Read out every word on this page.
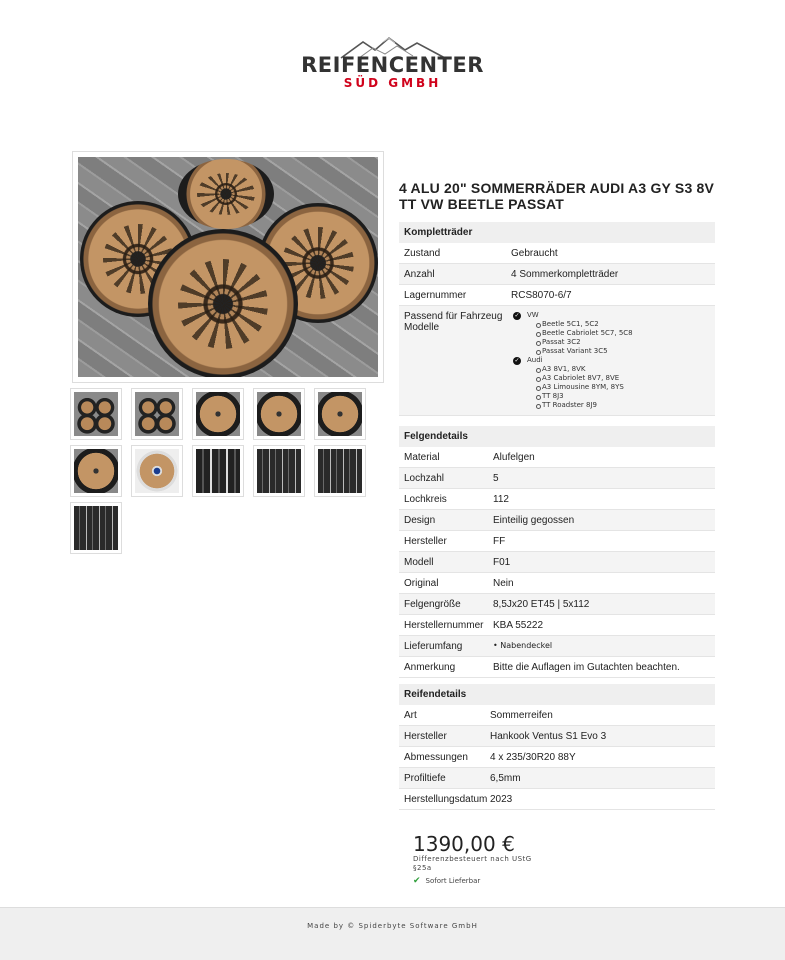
REIFENCENTER
SÜD GMBH
4 ALU 20" SOMMERRÄDER AUDI A3 GY S3 8V TT VW BEETLE PASSAT
Kompletträder
Zustand	Gebraucht
Anzahl	4 Sommerkompletträder
Lagernummer	RCS8070-6/7
Passend für Fahrzeug Modelle
✓ VW
Beetle 5C1, 5C2
Beetle Cabriolet 5C7, 5C8
Passat 3C2
Passat Variant 3C5
✓ Audi
A3 8V1, 8VK
A3 Cabriolet 8V7, 8VE
A3 Limousine 8YM, 8YS
TT 8J3
TT Roadster 8J9
Felgendetails
Material	Alufelgen
Lochzahl	5
Lochkreis	112
Design	Einteilig gegossen
Hersteller	FF
Modell	F01
Original	Nein
Felgengröße	8,5Jx20 ET45 | 5x112
Herstellernummer KBA 55222
Lieferumfang	• Nabendeckel
Anmerkung	Bitte die Auflagen im Gutachten beachten.
Reifendetails
Art	Sommerreifen
Hersteller	Hankook Ventus S1 Evo 3
Abmessungen	4 x 235/30R20 88Y
Profiltiefe	6,5mm
Herstellungsdatum 2023
1390,00 €
Differenzbesteuert nach UStG §25a
✔ Sofort Lieferbar
Made by © Spiderbyte Software GmbH
